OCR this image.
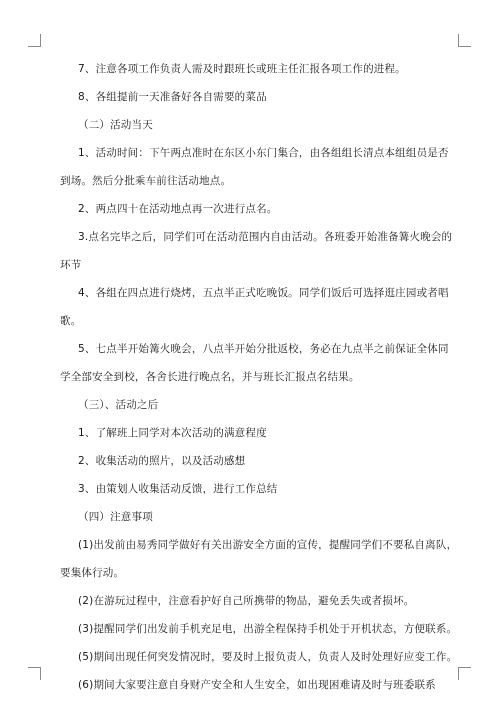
7、注意各项工作负责人需及时跟班长或班主任汇报各项工作的进程。
8、各组提前一天准备好各自需要的菜品
（二）活动当天
1、活动时间：下午两点准时在东区小东门集合，由各组组长清点本组组员是否
到场。然后分批乘车前往活动地点。
2、两点四十在活动地点再一次进行点名。
3.点名完毕之后，同学们可在活动范围内自由活动。各班委开始准备篝火晚会的
环节
4、各组在四点进行烧烤，五点半正式吃晚饭。同学们饭后可选择逛庄园或者唱
歌。
5、七点半开始篝火晚会，八点半开始分批返校，务必在九点半之前保证全体同
学全部安全到校，各舍长进行晚点名，并与班长汇报点名结果。
（三）、活动之后
1、了解班上同学对本次活动的满意程度
2、收集活动的照片，以及活动感想
3、由策划人收集活动反馈，进行工作总结
（四）注意事项
(1)出发前由易秀同学做好有关出游安全方面的宣传，提醒同学们不要私自离队，
要集体行动。
(2)在游玩过程中，注意看护好自己所携带的物品，避免丢失或者损坏。
(3)提醒同学们出发前手机充足电，出游全程保持手机处于开机状态，方便联系。
(5)期间出现任何突发情况时，要及时上报负责人，负责人及时处理好应变工作。
(6)期间大家要注意自身财产安全和人生安全，如出现困难请及时与班委联系
